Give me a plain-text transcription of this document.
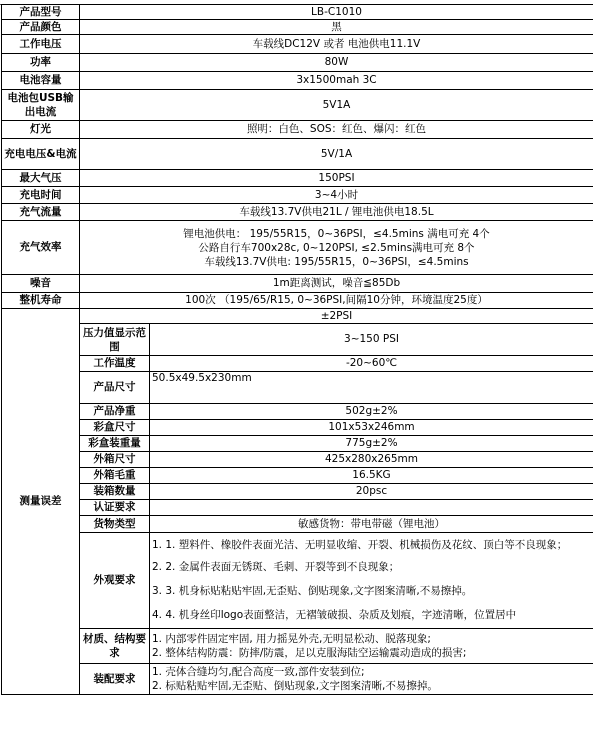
产品型号	LB-C1010	
产品颜色	黑	
工作电压	车载线DC12V 或者 电池供电11.1V	
功率	80W	
电池容量	3x1500mah 3C	
电池包USB输出电流	5V1A	
灯光	照明：白色、SOS：红色、爆闪：红色	
充电电压&电流	5V/1A	
最大气压	150PSI	
充电时间	3~4小时	
充气流量	车载线13.7V供电21L / 锂电池供电18.5L	
充气效率	锂电池供电： 195/55R15，0~36PSI，≤4.5mins 满电可充 4个
公路自行车700x28c, 0~120PSI, ≤2.5mins满电可充 8个
车载线13.7V供电: 195/55R15，0~36PSI，≤4.5mins	

噪音	1m距离测试，噪音≦85Db	
整机寿命	100次 （195/65/R15, 0~36PSI,间隔10分钟，环境温度25度）	
测量误差	±2PSI	
	压力值显示范围	3~150 PSI
	工作温度	-20~60℃
	产品尺寸	50.5x49.5x230mm
	产品净重	502g±2%
	彩盒尺寸	101x53x246mm
	彩盒装重量	775g±2%
	外箱尺寸	425x280x265mm
	外箱毛重	16.5KG
	装箱数量	20psc
	认证要求	
	货物类型	敏感货物：带电带磁（锂电池）
	外观要求	1. 1. 塑料件、橡胶件表面光洁、无明显收缩、开裂、机械损伤及花纹、顶白等不良现象；
2. 2. 金属件表面无锈斑、毛刺、开裂等到不良现象；
3. 3. 机身标贴粘贴牢固,无歪贴、倒贴现象,文字图案清晰,不易擦掉。
4. 4. 机身丝印logo表面整洁，无褶皱破损、杂质及划痕，字迹清晰，位置居中

	材质、结构要求	1. 内部零件固定牢固, 用力摇晃外壳,无明显松动、脱落现象;
2. 整体结构防震：防摔/防震，足以克服海陆空运输震动造成的损害;

	装配要求	1. 壳体合缝均匀,配合高度一致,部件安装到位;
2. 标贴粘贴牢固,无歪贴、倒贴现象,文字图案清晰,不易擦掉。
